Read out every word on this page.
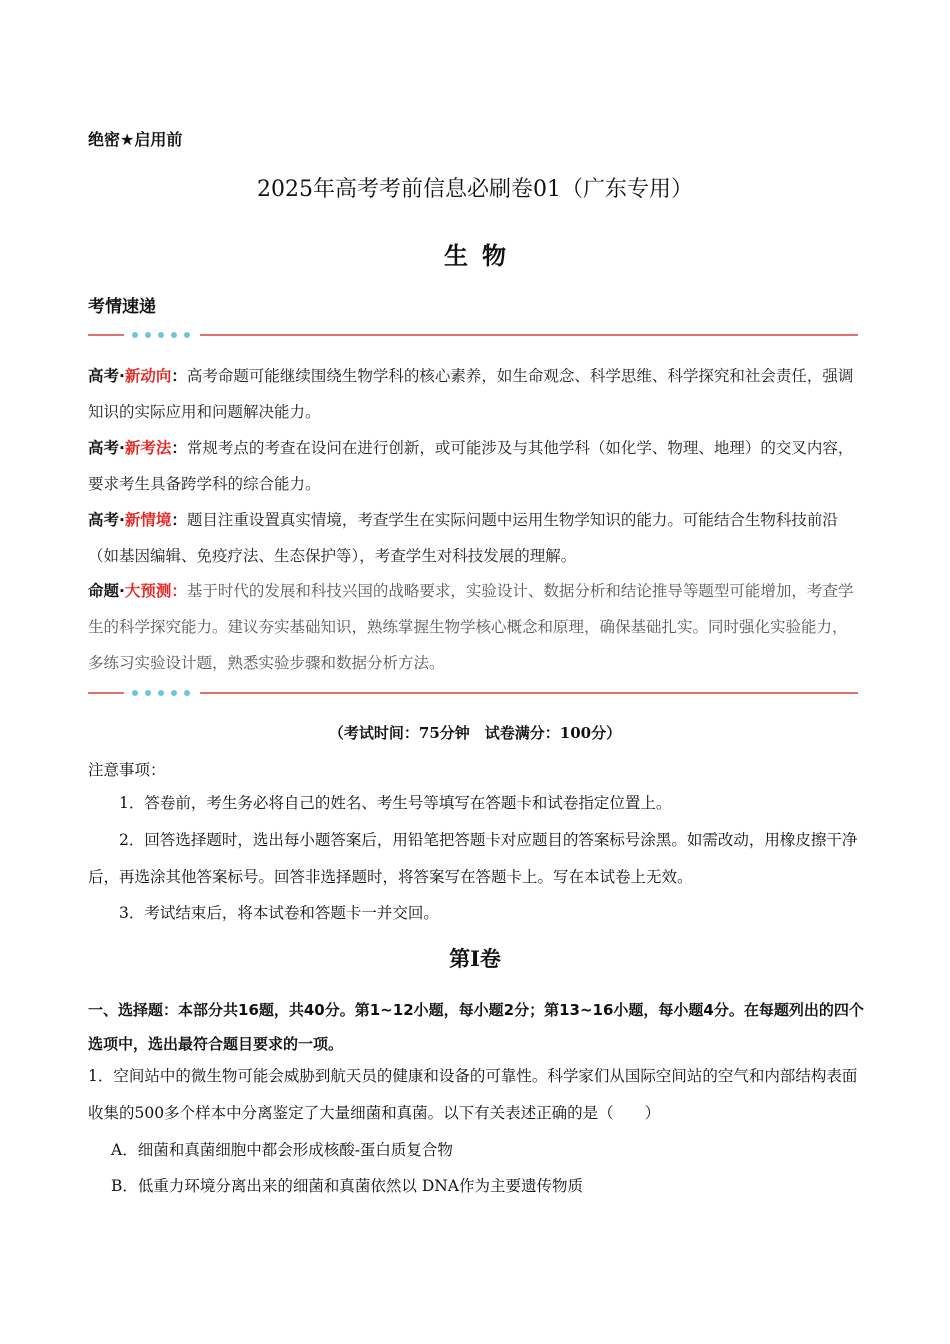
绝密★启用前
2025年高考考前信息必刷卷01（广东专用）
生物
考情速递
高考·新动向：高考命题可能继续围绕生物学科的核心素养，如生命观念、科学思维、科学探究和社会责任，强调知识的实际应用和问题解决能力。
高考·新考法：常规考点的考查在设问在进行创新，或可能涉及与其他学科（如化学、物理、地理）的交叉内容，要求考生具备跨学科的综合能力。
高考·新情境：题目注重设置真实情境，考查学生在实际问题中运用生物学知识的能力。可能结合生物科技前沿（如基因编辑、免疫疗法、生态保护等），考查学生对科技发展的理解。
命题·大预测：基于时代的发展和科技兴国的战略要求，实验设计、数据分析和结论推导等题型可能增加，考查学生的科学探究能力。建议夯实基础知识，熟练掌握生物学核心概念和原理，确保基础扎实。同时强化实验能力，　多练习实验设计题，熟悉实验步骤和数据分析方法。
（考试时间：75分钟　试卷满分：100分）
注意事项：
1．答卷前，考生务必将自己的姓名、考生号等填写在答题卡和试卷指定位置上。
2．回答选择题时，选出每小题答案后，用铅笔把答题卡对应题目的答案标号涂黑。如需改动，用橡皮擦干净后，再选涂其他答案标号。回答非选择题时，将答案写在答题卡上。写在本试卷上无效。
3．考试结束后，将本试卷和答题卡一并交回。
第Ⅰ卷
一、选择题：本部分共16题，共40分。第1~12小题，每小题2分；第13~16小题，每小题4分。在每题列出的四个选项中，选出最符合题目要求的一项。
1．空间站中的微生物可能会威胁到航天员的健康和设备的可靠性。科学家们从国际空间站的空气和内部结构表面收集的500多个样本中分离鉴定了大量细菌和真菌。以下有关表述正确的是（　　）
A．细菌和真菌细胞中都会形成核酸-蛋白质复合物
B．低重力环境分离出来的细菌和真菌依然以 DNA作为主要遗传物质
